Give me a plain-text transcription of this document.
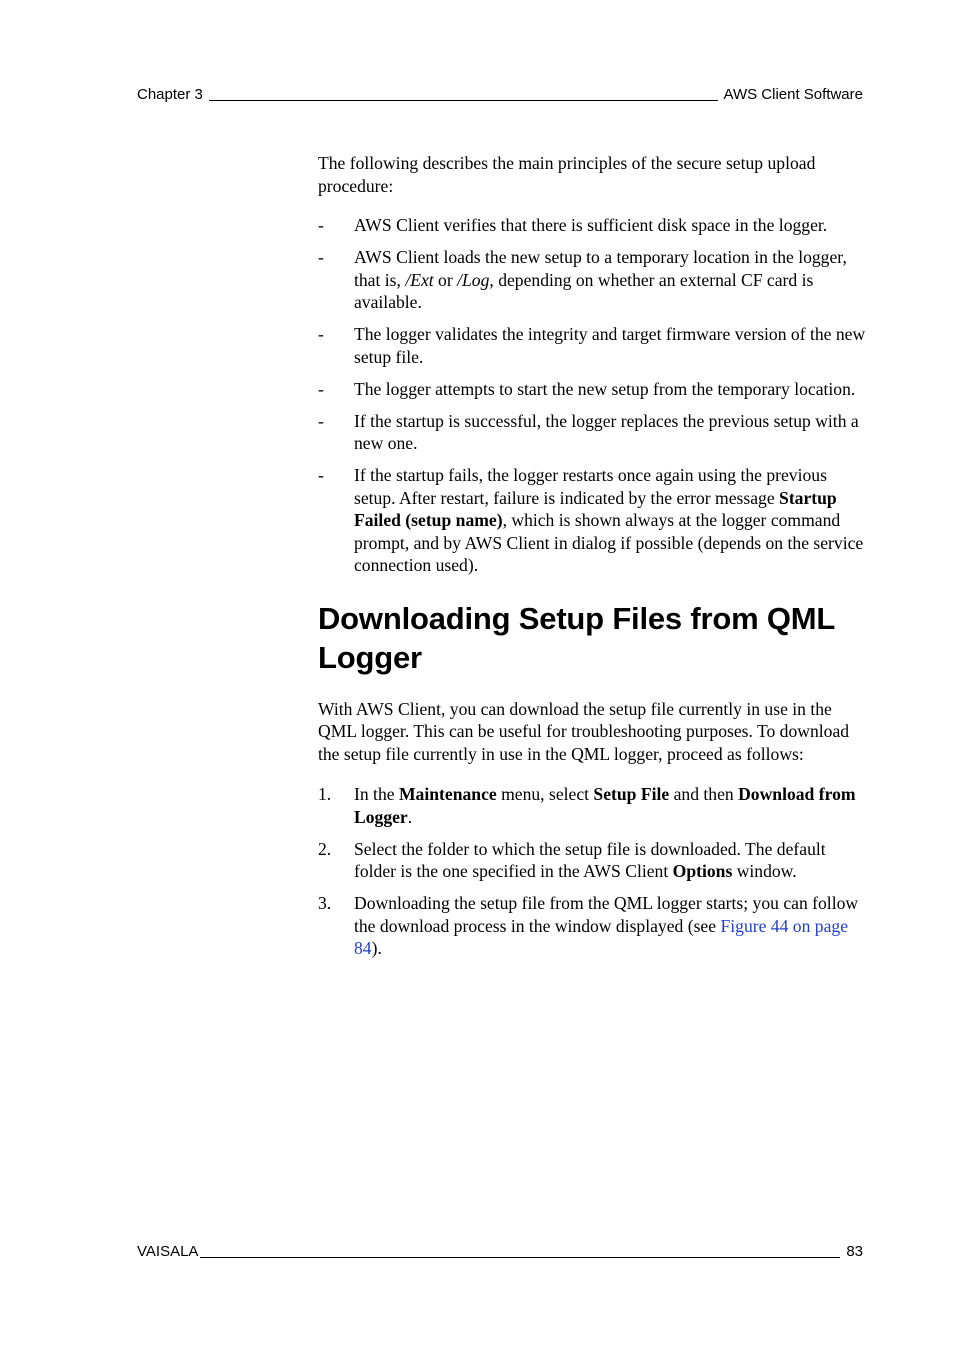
Chapter 3	AWS Client Software

The following describes the main principles of the secure setup upload procedure:

- AWS Client verifies that there is sufficient disk space in the logger.
- AWS Client loads the new setup to a temporary location in the logger, that is, /Ext or /Log, depending on whether an external CF card is available.
- The logger validates the integrity and target firmware version of the new setup file.
- The logger attempts to start the new setup from the temporary location.
- If the startup is successful, the logger replaces the previous setup with a new one.
- If the startup fails, the logger restarts once again using the previous setup. After restart, failure is indicated by the error message Startup Failed (setup name), which is shown always at the logger command prompt, and by AWS Client in dialog if possible (depends on the service connection used).
Downloading Setup Files from QML Logger

With AWS Client, you can download the setup file currently in use in the QML logger. This can be useful for troubleshooting purposes. To download the setup file currently in use in the QML logger, proceed as follows:

1. In the Maintenance menu, select Setup File and then Download from Logger.
2. Select the folder to which the setup file is downloaded. The default folder is the one specified in the AWS Client Options window.
3. Downloading the setup file from the QML logger starts; you can follow the download process in the window displayed (see Figure 44 on page 84).
VAISALA	83
